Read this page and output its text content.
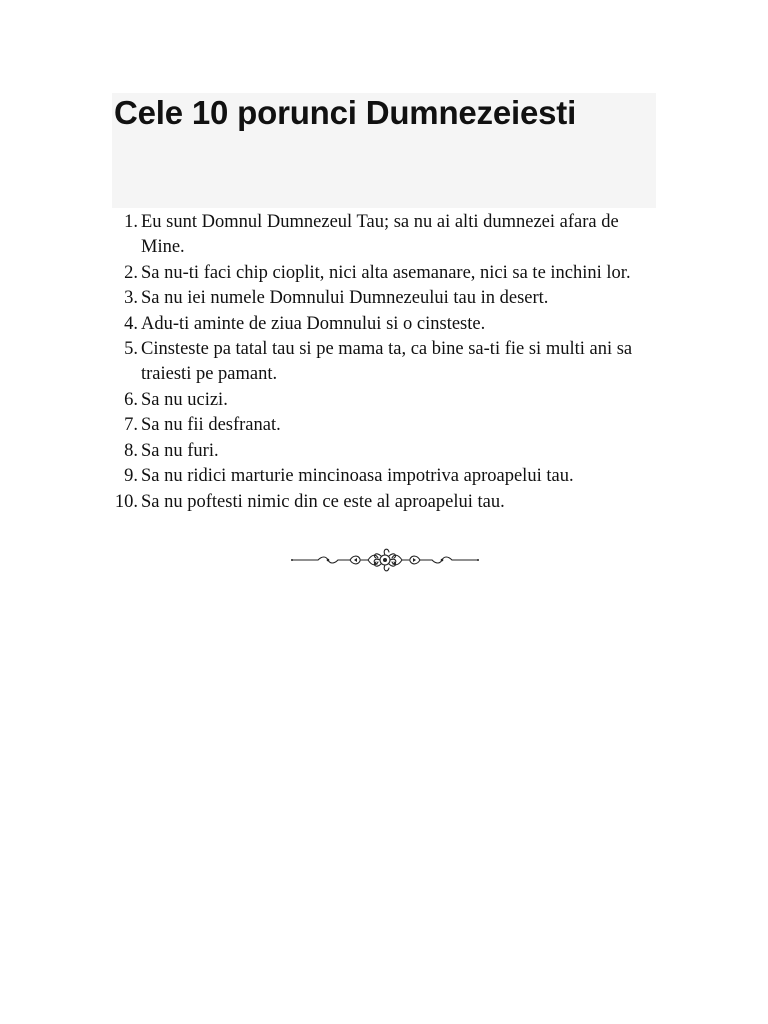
Cele 10 porunci Dumnezeiesti
1. Eu sunt Domnul Dumnezeul Tau; sa nu ai alti dumnezei afara de Mine.
2. Sa nu-ti faci chip cioplit, nici alta asemanare, nici sa te inchini lor.
3. Sa nu iei numele Domnului Dumnezeului tau in desert.
4. Adu-ti aminte de ziua Domnului si o cinsteste.
5. Cinsteste pa tatal tau si pe mama ta, ca bine sa-ti fie si multi ani sa traiesti pe pamant.
6. Sa nu ucizi.
7. Sa nu fii desfranat.
8. Sa nu furi.
9. Sa nu ridici marturie mincinoasa impotriva aproapelui tau.
10. Sa nu poftesti nimic din ce este al aproapelui tau.
